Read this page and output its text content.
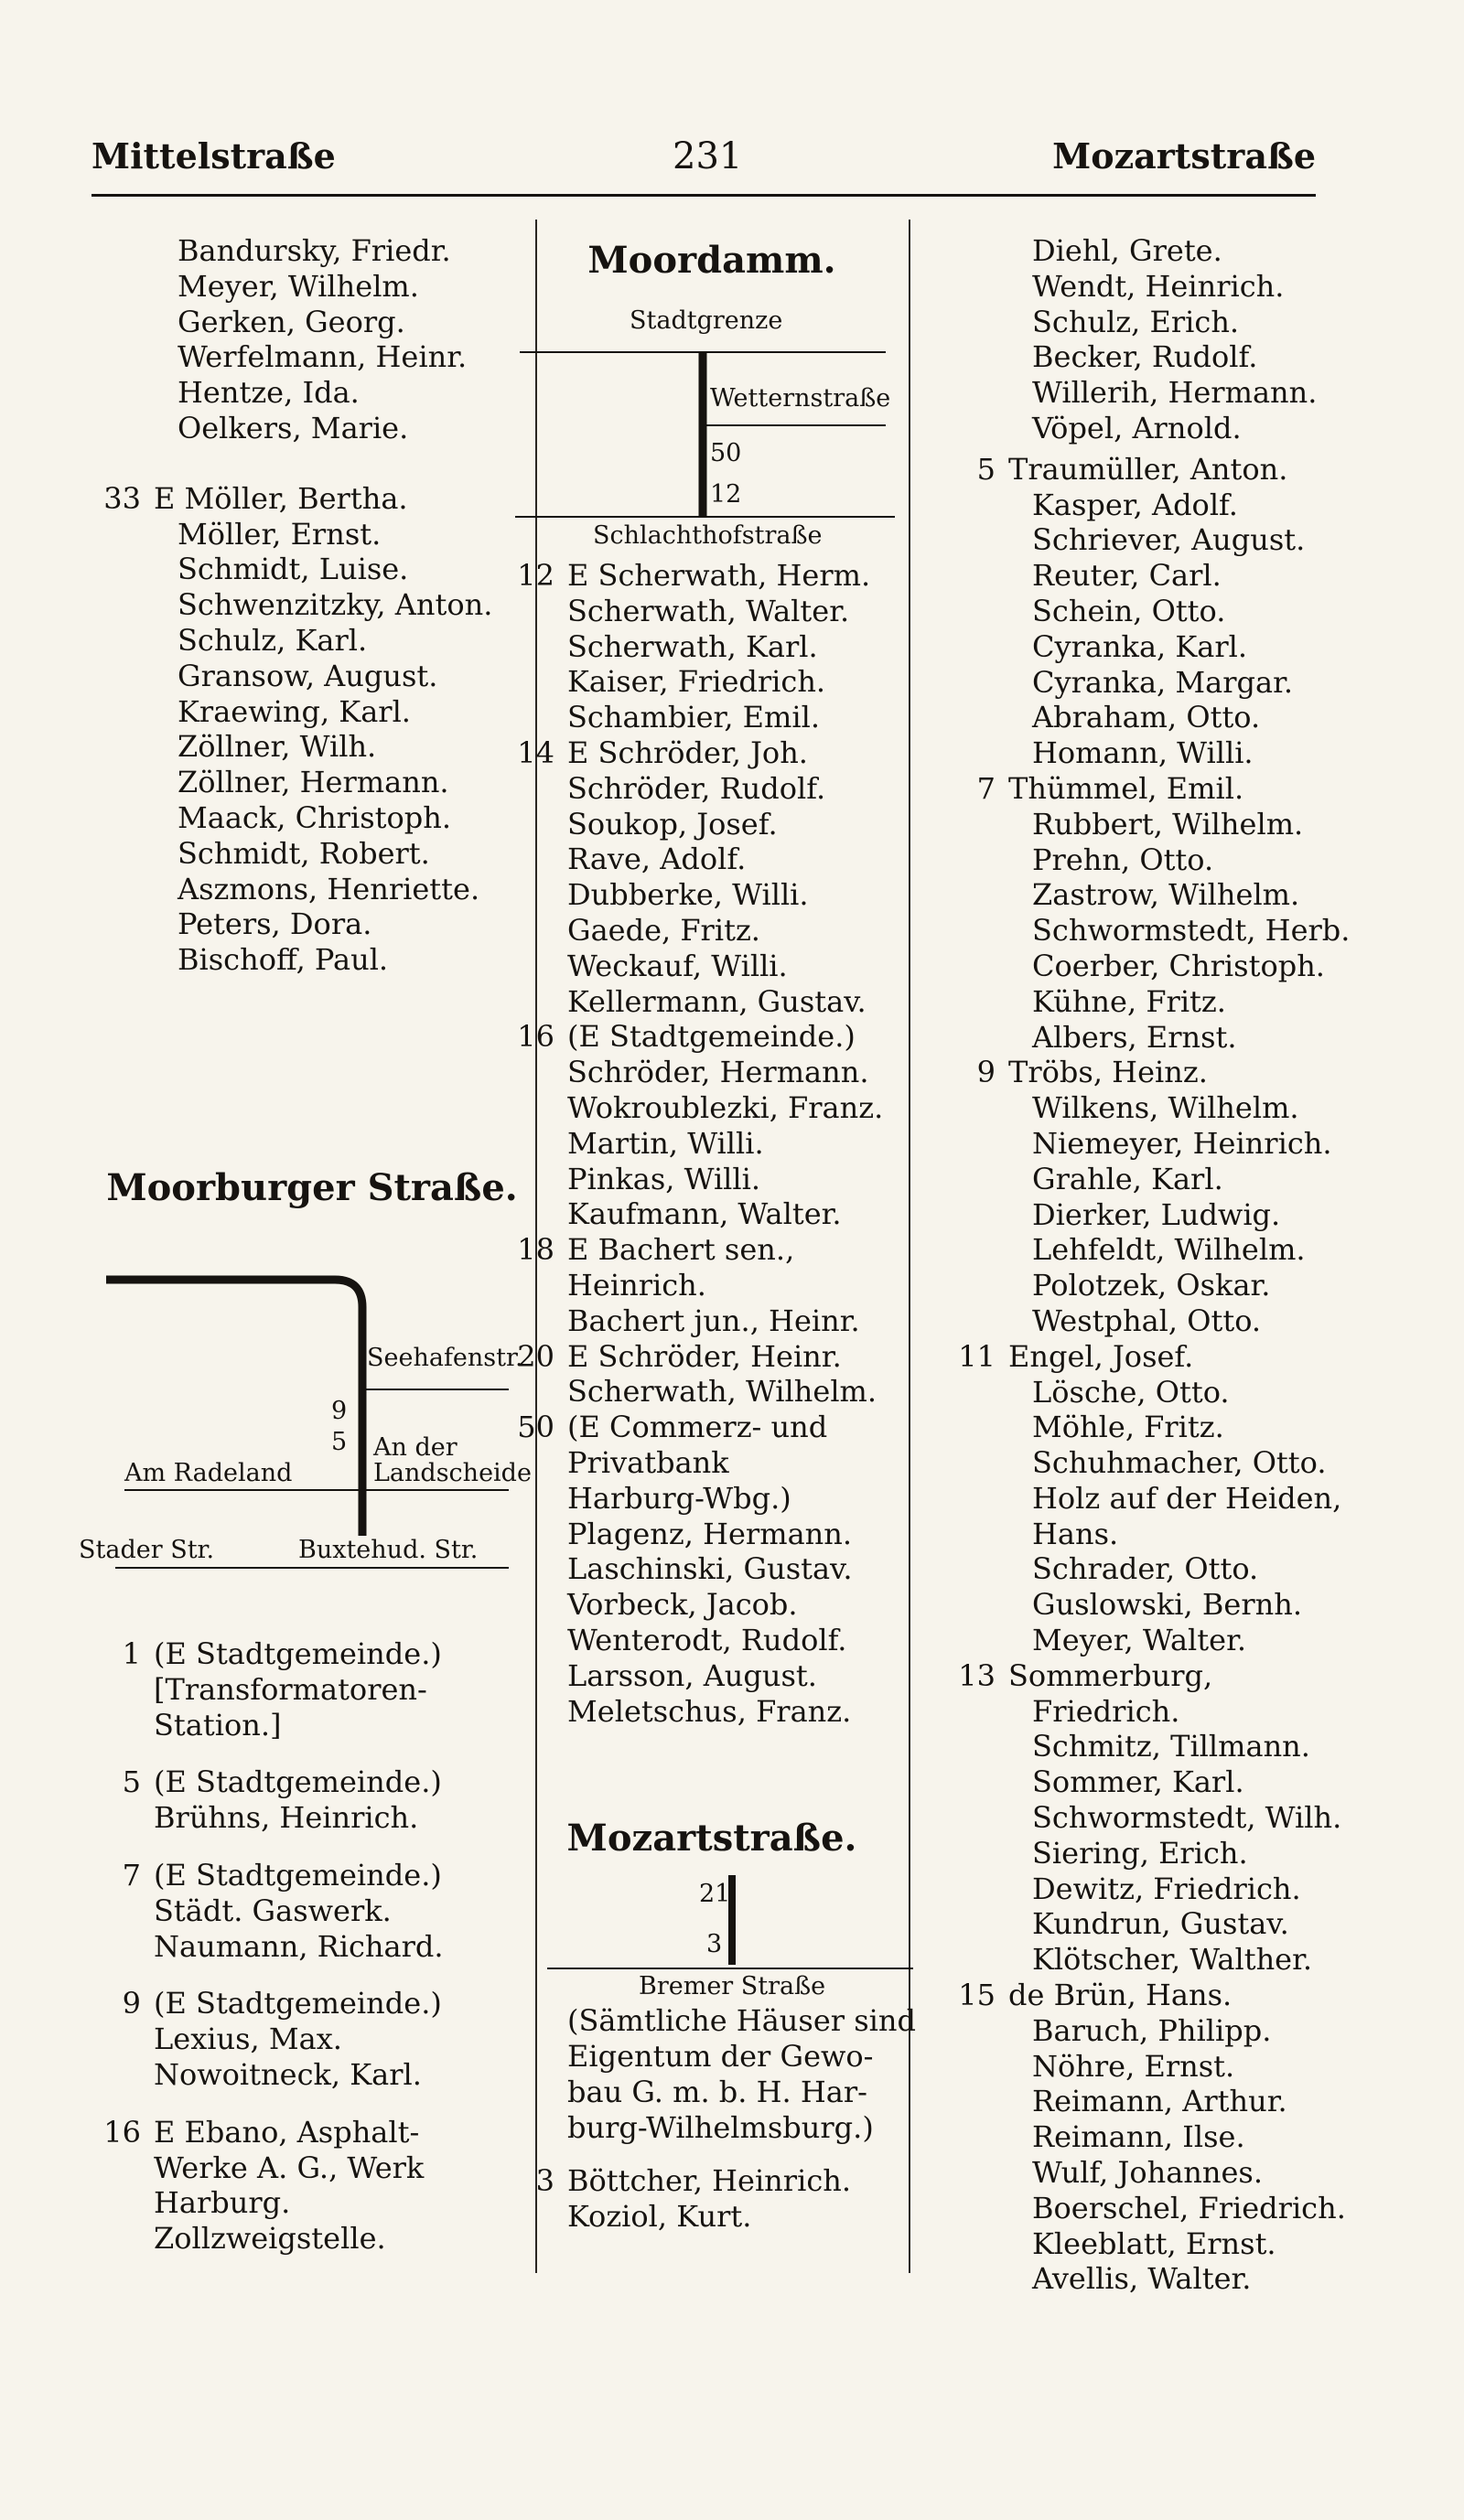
Mittelstraße	231	Mozartstraße
Bandursky, Friedr.
Meyer, Wilhelm.
Gerken, Georg.
Werfelmann, Heinr.
Hentze, Ida.
Oelkers, Marie.
33 E Möller, Bertha.
Möller, Ernst.
Schmidt, Luise.
Schwenzitzky, Anton.
Schulz, Karl.
Gransow, August.
Kraewing, Karl.
Zöllner, Wilh.
Zöllner, Hermann.
Maack, Christoph.
Schmidt, Robert.
Aszmons, Henriette.
Peters, Dora.
Bischoff, Paul.
Moorburger Straße.
Seehafenstr.
9
5 An der
Am Radeland	Landscheide
Stader Str.	Buxtehud. Str.
1 (E Stadtgemeinde.)
[Transformatoren-
Station.]
5 (E Stadtgemeinde.)
Brühns, Heinrich.
7 (E Stadtgemeinde.)
Städt. Gaswerk.
Naumann, Richard.
9 (E Stadtgemeinde.)
Lexius, Max.
Nowoitneck, Karl.
16 E Ebano, Asphalt-
Werke A. G., Werk
Harburg.
Zollzweigstelle.
Moordamm.
Stadtgrenze
Wetternstraße
50
12
Schlachthofstraße
12 E Scherwath, Herm.
Scherwath, Walter.
Scherwath, Karl.
Kaiser, Friedrich.
Schambier, Emil.
14 E Schröder, Joh.
Schröder, Rudolf.
Soukop, Josef.
Rave, Adolf.
Dubberke, Willi.
Gaede, Fritz.
Weckauf, Willi.
Kellermann, Gustav.
16 (E Stadtgemeinde.)
Schröder, Hermann.
Wokroublezki, Franz.
Martin, Willi.
Pinkas, Willi.
Kaufmann, Walter.
18 E Bachert sen.,
Heinrich.
Bachert jun., Heinr.
20 E Schröder, Heinr.
Scherwath, Wilhelm.
50 (E Commerz- und
Privatbank
Harburg-Wbg.)
Plagenz, Hermann.
Laschinski, Gustav.
Vorbeck, Jacob.
Wenterodt, Rudolf.
Larsson, August.
Meletschus, Franz.
Mozartstraße.
21
3
Bremer Straße
(Sämtliche Häuser sind
Eigentum der Gewo-
bau G. m. b. H. Har-
burg-Wilhelmsburg.)
3 Böttcher, Heinrich.
Koziol, Kurt.
Diehl, Grete.
Wendt, Heinrich.
Schulz, Erich.
Becker, Rudolf.
Willerih, Hermann.
Vöpel, Arnold.
5 Traumüller, Anton.
Kasper, Adolf.
Schriever, August.
Reuter, Carl.
Schein, Otto.
Cyranka, Karl.
Cyranka, Margar.
Abraham, Otto.
Homann, Willi.
7 Thümmel, Emil.
Rubbert, Wilhelm.
Prehn, Otto.
Zastrow, Wilhelm.
Schwormstedt, Herb.
Coerber, Christoph.
Kühne, Fritz.
Albers, Ernst.
9 Tröbs, Heinz.
Wilkens, Wilhelm.
Niemeyer, Heinrich.
Grahle, Karl.
Dierker, Ludwig.
Lehfeldt, Wilhelm.
Polotzek, Oskar.
Westphal, Otto.
11 Engel, Josef.
Lösche, Otto.
Möhle, Fritz.
Schuhmacher, Otto.
Holz auf der Heiden,
Hans.
Schrader, Otto.
Guslowski, Bernh.
Meyer, Walter.
13 Sommerburg,
Friedrich.
Schmitz, Tillmann.
Sommer, Karl.
Schwormstedt, Wilh.
Siering, Erich.
Dewitz, Friedrich.
Kundrun, Gustav.
Klötscher, Walther.
15 de Brün, Hans.
Baruch, Philipp.
Nöhre, Ernst.
Reimann, Arthur.
Reimann, Ilse.
Wulf, Johannes.
Boerschel, Friedrich.
Kleeblatt, Ernst.
Avellis, Walter.
